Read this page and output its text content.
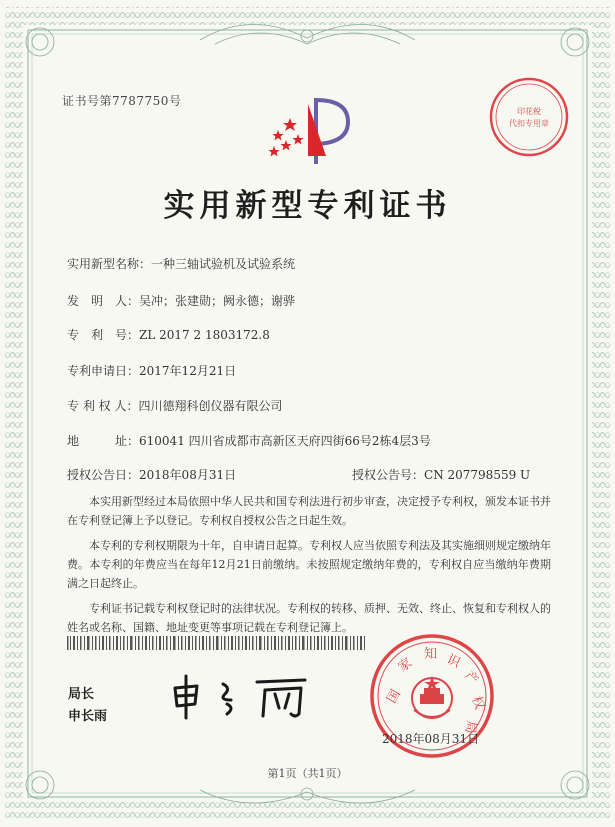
证书号第7787750号
印花税
代扣专用章
实用新型专利证书
实用新型名称：一种三轴试验机及试验系统
发　明　人：吴冲；张建勋；阙永德；谢骅
专　利　号：ZL 2017 2 1803172.8
专利申请日：2017年12月21日
专 利 权 人：四川德翔科创仪器有限公司
地　　　址：610041 四川省成都市高新区天府四街66号2栋4层3号
授权公告日：2018年08月31日	授权公告号：CN 207798559 U

本实用新型经过本局依照中华人民共和国专利法进行初步审查，决定授予专利权，颁发本证书并在专利登记簿上予以登记。专利权自授权公告之日起生效。

本专利的专利权期限为十年，自申请日起算。专利权人应当依照专利法及其实施细则规定缴纳年费。本专利的年费应当在每年12月21日前缴纳。未按照规定缴纳年费的，专利权自应当缴纳年费期满之日起终止。

专利证书记载专利权登记时的法律状况。专利权的转移、质押、无效、终止、恢复和专利权人的姓名或名称、国籍、地址变更等事项记载在专利登记簿上。

局长
申长雨
国
家
知 识
产
权
局
2018年08月31日
第1页（共1页）
